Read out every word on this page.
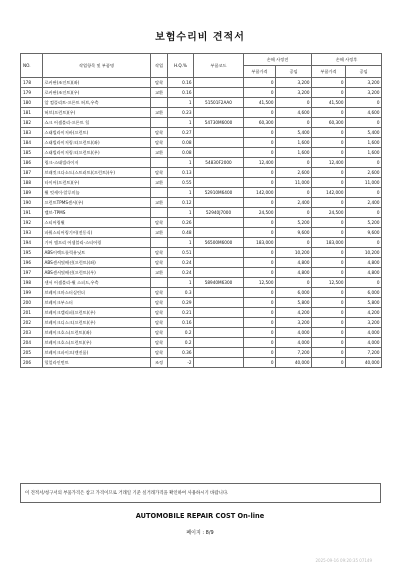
보험수리비 견적서
NO.	작업항목 및 부품명	작업	H.Q.%	부품코드	손해 사정전		손해 사정후	
					부품가격	공임	부품가격	공임
178	로커판(조인트)(좌)	탈착	0.16		0	3,200	0	3,200
179	로커판(조인트)(우)	교환	0.16		0	3,200	0	3,200
180	앞 컴플리트-프론트 허브,우측		1	51501F2AA0	41,500	0	41,500	0
181	허브(프런트)(우)	교환	0.23		0	4,600	0	4,600
182	쇼크 어셈블리-프론트 힐		1	54730M6000	60,300	0	60,300	0
183	스태빌라이저바(프런트)	탈착	0.27		0	5,400	0	5,400
184	스태빌라이저링크(프런트)(좌)	탈착	0.08		0	1,600	0	1,600
185	스태빌라이저링크(프런트)(우)	교환	0.08		0	1,600	0	1,600
186	링크-스태빌라이저		1	54830F2000	12,400	0	12,400	0
187	브래킷크다소드(스트러트)(프런트)(우)	탈착	0.13		0	2,600	0	2,600
188	타이어(프런트)(우)	교환	0.55		0	11,000	0	11,000
189	휠 엇세이-알루미늄		1	52910M6400	142,000	0	142,000	0
190	프런트TPMS센서(우)	교환	0.12		0	2,400	0	2,400
191	밸브-TPMS		1	52940J7000	24,500	0	24,500	0
192	스티어링휠	탈착	0.26		0	5,200	0	5,200
193	파워스티어링기어(전동식)	교환	0.48		0	9,600	0	9,600
194	기어 앰프리 어셈블리-스티어링		1	56500M6000	183,000	0	183,000	0
195	ABS이렉드롤릭유닛트	탈착	0.51		0	10,200	0	10,200
196	ABS센서및배선(프런트)(좌)	탈착	0.24		0	4,800	0	4,800
197	ABS센서및배선(프런트)(우)	교환	0.24		0	4,800	0	4,800
198	센서 어셈블리-휠 스피드,우측		1	58940M6300	12,500	0	12,500	0
199	브레이크마스터실린더	탈착	0.3		0	6,000	0	6,000
200	브레이크부스터	탈착	0.29		0	5,800	0	5,800
201	브레이크캘리퍼(프런트)(우)	탈착	0.21		0	4,200	0	4,200
202	브레이크디스크(프런트)(우)	탈착	0.16		0	3,200	0	3,200
203	브레이크호스(프런트)(좌)	탈착	0.2		0	4,000	0	4,000
204	브레이크호스(프런트)(우)	탈착	0.2		0	4,000	0	4,000
205	브레이크파이프(엔진룸)	탈착	0.36		0	7,200	0	7,200
206	힐얼라인먼트	조정	-2		0	40,000	0	40,000
이 견적서/청구서의 부품가격은 참고 가격이므로 거래일 기준 실거래가격을 확인하여 사용하시기 바랍니다.
AUTOMOBILE REPAIR COST On-line
페이지 : 8/9
2025-09-16 09:20:35 07149
